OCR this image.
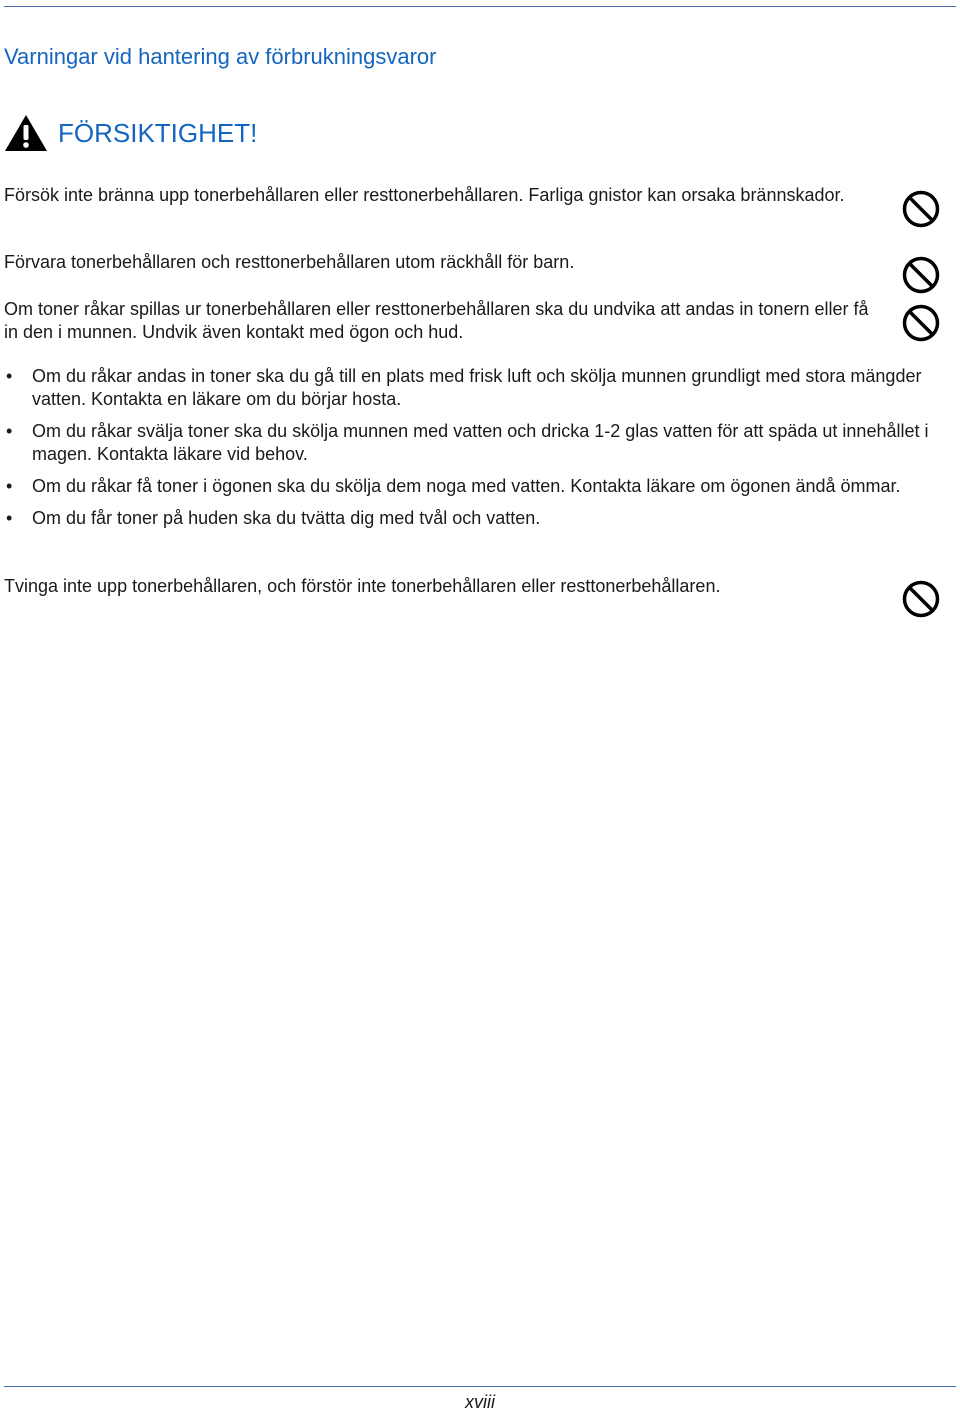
Varningar vid hantering av förbrukningsvaror
FÖRSIKTIGHET!

Försök inte bränna upp tonerbehållaren eller resttonerbehållaren. Farliga gnistor kan orsaka brännskador.

Förvara tonerbehållaren och resttonerbehållaren utom räckhåll för barn.

Om toner råkar spillas ur tonerbehållaren eller resttonerbehållaren ska du undvika att andas in tonern eller få in den i munnen. Undvik även kontakt med ögon och hud.

• Om du råkar andas in toner ska du gå till en plats med frisk luft och skölja munnen grundligt med stora mängder vatten. Kontakta en läkare om du börjar hosta.
• Om du råkar svälja toner ska du skölja munnen med vatten och dricka 1-2 glas vatten för att späda ut innehållet i magen. Kontakta läkare vid behov.
• Om du råkar få toner i ögonen ska du skölja dem noga med vatten. Kontakta läkare om ögonen ändå ömmar.
• Om du får toner på huden ska du tvätta dig med tvål och vatten.

Tvinga inte upp tonerbehållaren, och förstör inte tonerbehållaren eller resttonerbehållaren.

xviii
